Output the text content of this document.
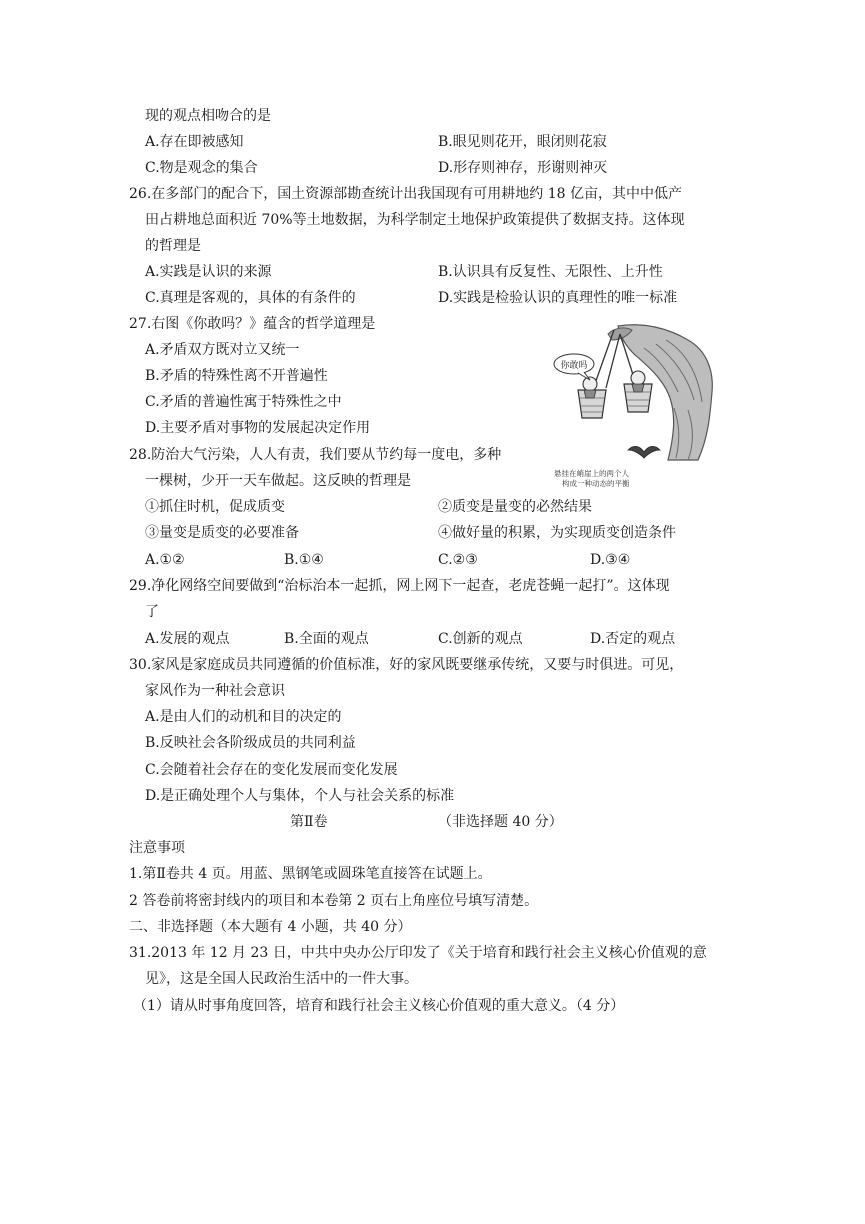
现的观点相吻合的是
A.存在即被感知	B.眼见则花开，眼闭则花寂
C.物是观念的集合	D.形存则神存，形谢则神灭
26.在多部门的配合下，国土资源部勘查统计出我国现有可用耕地约 18 亿亩，其中中低产
田占耕地总面积近 70%等土地数据，为科学制定土地保护政策提供了数据支持。这体现
的哲理是
A.实践是认识的来源	B.认识具有反复性、无限性、上升性
C.真理是客观的，具体的有条件的	D.实践是检验认识的真理性的唯一标准
27.右图《你敢吗？》蕴含的哲学道理是
A.矛盾双方既对立又统一
B.矛盾的特殊性离不开普遍性
C.矛盾的普遍性寓于特殊性之中
D.主要矛盾对事物的发展起决定作用
你敢吗
悬挂在峭崖上的两个人
构成一种动态的平衡
28.防治大气污染，人人有责，我们要从节约每一度电，多种
一棵树，少开一天车做起。这反映的哲理是
①抓住时机，促成质变	②质变是量变的必然结果
③量变是质变的必要准备	④做好量的积累，为实现质变创造条件
A.①②	B.①④	C.②③	D.③④
29.净化网络空间要做到“治标治本一起抓，网上网下一起查，老虎苍蝇一起打”。这体现
了
A.发展的观点	B.全面的观点	C.创新的观点	D.否定的观点
30.家风是家庭成员共同遵循的价值标准，好的家风既要继承传统，又要与时俱进。可见，
家风作为一种社会意识
A.是由人们的动机和目的决定的
B.反映社会各阶级成员的共同利益
C.会随着社会存在的变化发展而变化发展
D.是正确处理个人与集体，个人与社会关系的标准
第Ⅱ卷	（非选择题 40 分）
注意事项
1.第Ⅱ卷共 4 页。用蓝、黑钢笔或圆珠笔直接答在试题上。
2 答卷前将密封线内的项目和本卷第 2 页右上角座位号填写清楚。
二、非选择题（本大题有 4 小题，共 40 分）
31.2013 年 12 月 23 日，中共中央办公厅印发了《关于培育和践行社会主义核心价值观的意
见》，这是全国人民政治生活中的一件大事。
（1）请从时事角度回答，培育和践行社会主义核心价值观的重大意义。（4 分）
